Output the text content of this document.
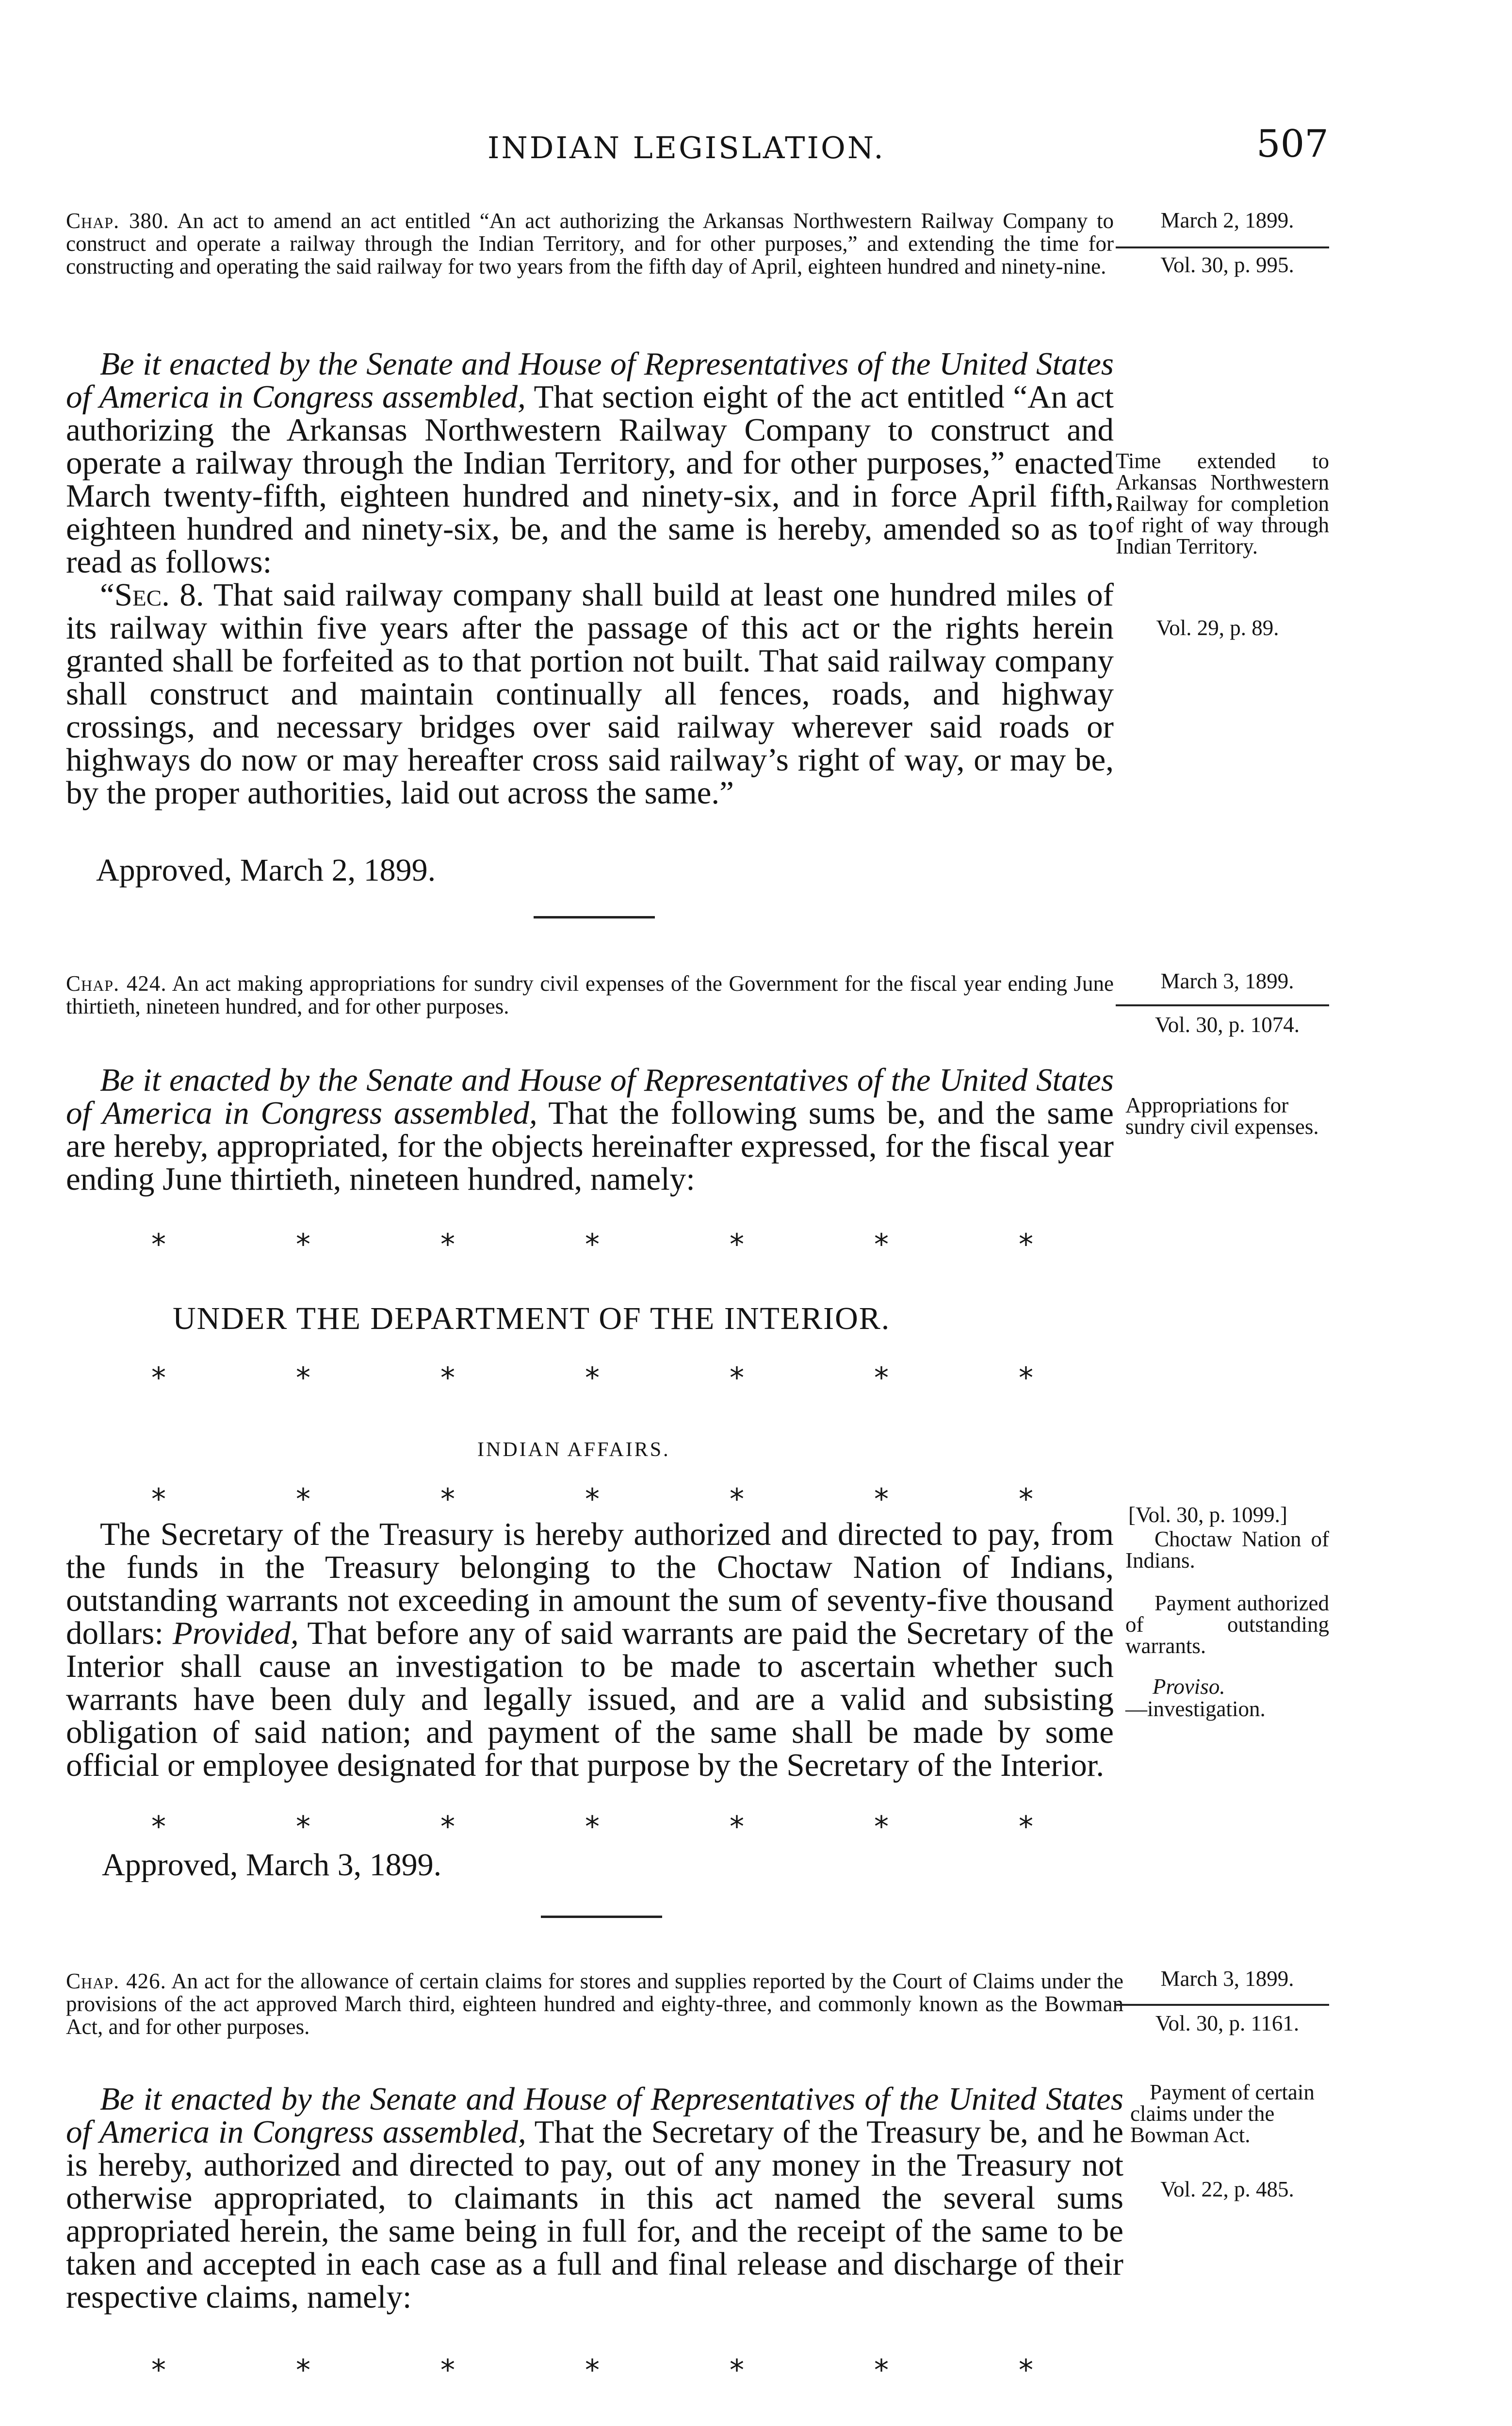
INDIAN LEGISLATION.	507
Chap. 380. An act to amend an act entitled “An act authorizing the Arkansas Northwestern Railway Company to construct and operate a railway through the Indian Territory, and for other purposes,” and extending the time for constructing and operating the said railway for two years from the fifth day of April, eighteen hundred and ninety-nine.
March 2, 1899.
Vol. 30, p. 995.

Be it enacted by the Senate and House of Representatives of the United States of America in Congress assembled, That section eight of the act entitled “An act authorizing the Arkansas Northwestern Railway Company to construct and operate a railway through the Indian Territory, and for other purposes,” enacted March twenty-fifth, eighteen hundred and ninety-six, and in force April fifth, eighteen hundred and ninety-six, be, and the same is hereby, amended so as to read as follows:

“Sec. 8. That said railway company shall build at least one hundred miles of its railway within five years after the passage of this act or the rights herein granted shall be forfeited as to that portion not built. That said railway company shall construct and maintain continually all fences, roads, and highway crossings, and necessary bridges over said railway wherever said roads or highways do now or may hereafter cross said railway’s right of way, or may be, by the proper authorities, laid out across the same.”

Time extended to Arkansas Northwestern Railway for completion of right of way through Indian Territory.
Vol. 29, p. 89.
Approved, March 2, 1899.
Chap. 424. An act making appropriations for sundry civil expenses of the Government for the fiscal year ending June thirtieth, nineteen hundred, and for other purposes.
March 3, 1899.
Vol. 30, p. 1074.

Be it enacted by the Senate and House of Representatives of the United States of America in Congress assembled, That the following sums be, and the same are hereby, appropriated, for the objects hereinafter expressed, for the fiscal year ending June thirtieth, nineteen hundred, namely:

Appropriations for sundry civil expenses.
*	*	*	*	*	*	*
UNDER THE DEPARTMENT OF THE INTERIOR.
*	*	*	*	*	*	*
INDIAN AFFAIRS.
*	*	*	*	*	*	*

The Secretary of the Treasury is hereby authorized and directed to pay, from the funds in the Treasury belonging to the Choctaw Nation of Indians, outstanding warrants not exceeding in amount the sum of seventy-five thousand dollars: Provided, That before any of said warrants are paid the Secretary of the Interior shall cause an investigation to be made to ascertain whether such warrants have been duly and legally issued, and are a valid and subsisting obligation of said nation; and payment of the same shall be made by some official or employee designated for that purpose by the Secretary of the Interior.

[Vol. 30, p. 1099.]
Choctaw Nation of Indians.
Payment authorized of outstanding warrants.
Proviso.
—investigation.
*	*	*	*	*	*	*
Approved, March 3, 1899.
Chap. 426. An act for the allowance of certain claims for stores and supplies reported by the Court of Claims under the provisions of the act approved March third, eighteen hundred and eighty-three, and commonly known as the Bowman Act, and for other purposes.
March 3, 1899.
Vol. 30, p. 1161.

Be it enacted by the Senate and House of Representatives of the United States of America in Congress assembled, That the Secretary of the Treasury be, and he is hereby, authorized and directed to pay, out of any money in the Treasury not otherwise appropriated, to claimants in this act named the several sums appropriated herein, the same being in full for, and the receipt of the same to be taken and accepted in each case as a full and final release and discharge of their respective claims, namely:

Payment of certain claims under the Bowman Act.
Vol. 22, p. 485.
*	*	*	*	*	*	*
